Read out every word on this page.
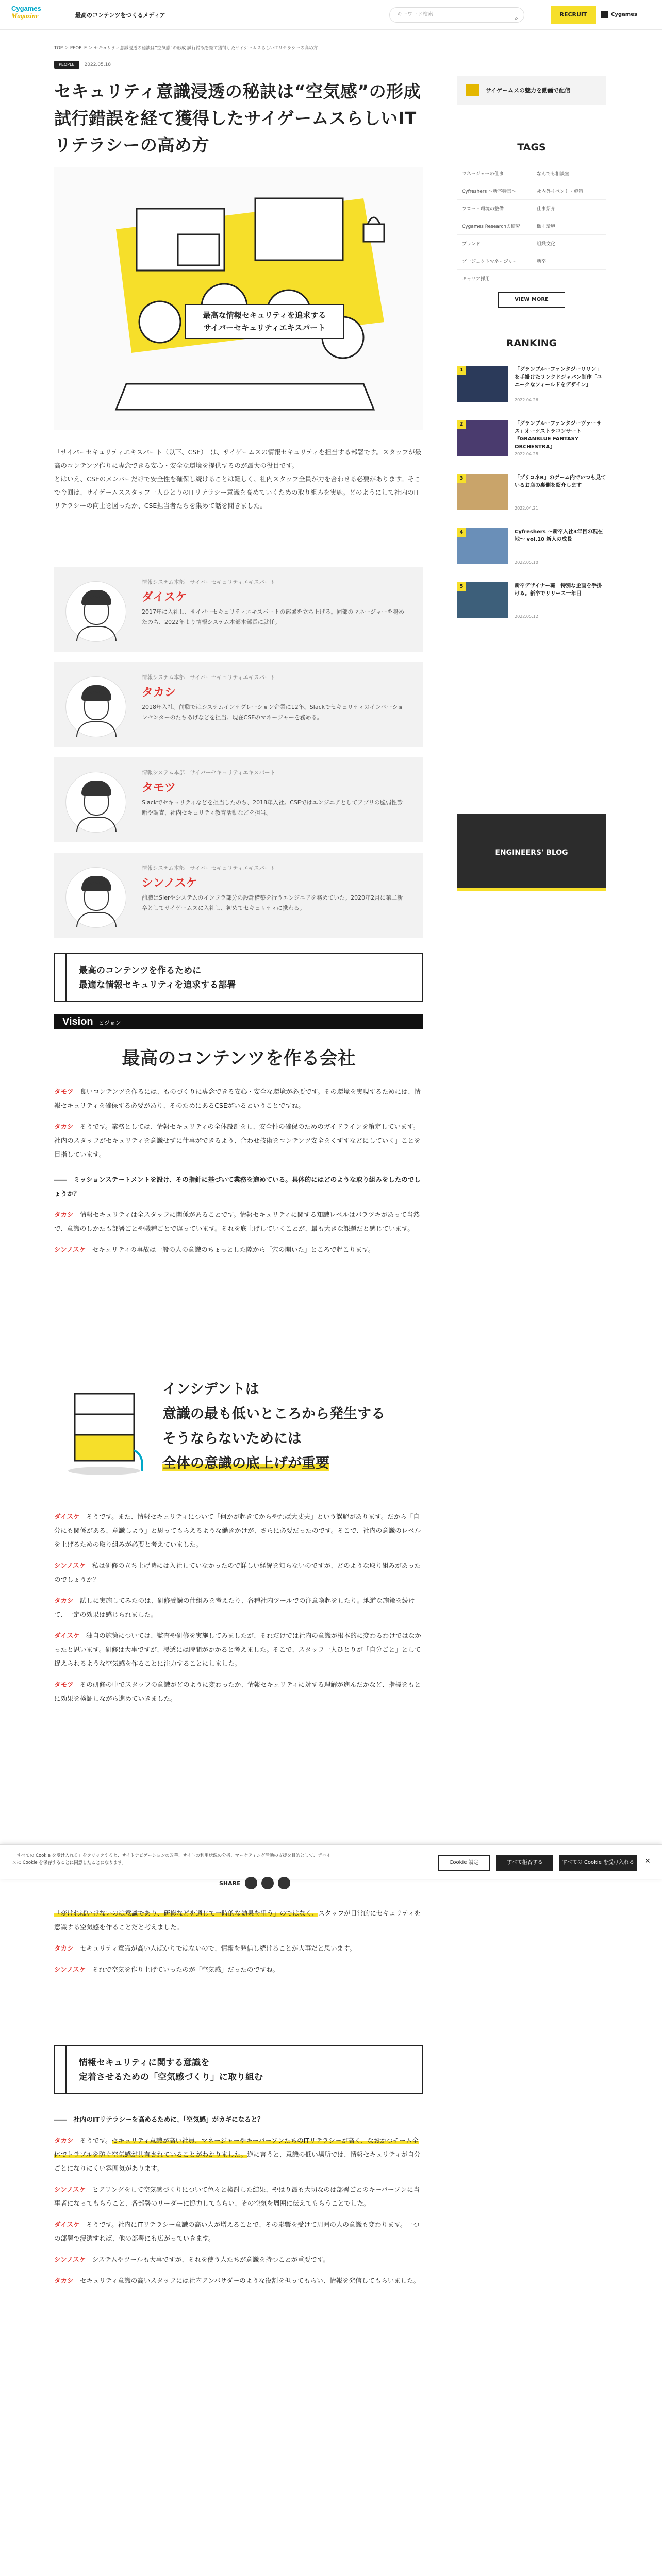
Cygames
Magazine	最高のコンテンツをつくるメディア	キーワード検索	⌕	RECRUIT	Cygames
TOP ＞ PEOPLE ＞ セキュリティ意識浸透の秘訣は“空気感”の形成 試行錯誤を経て獲得したサイゲームスらしいITリテラシーの高め方
PEOPLE	2022.05.18
セキュリティ意識浸透の秘訣は“空気感”の形成　試行錯誤を経て獲得したサイゲームスらしいITリテラシーの高め方
最高な情報セキュリティを追求する
サイバーセキュリティエキスパート
「サイバーセキュリティエキスパート（以下、CSE）」は、サイゲームスの情報セキュリティを担当する部署です。スタッフが最高のコンテンツ作りに専念できる安心・安全な環境を提供するのが最大の役目です。
とはいえ、CSEのメンバーだけで安全性を確保し続けることは難しく、社内スタッフ全員が力を合わせる必要があります。そこで今回は、サイゲームススタッフ一人ひとりのITリテラシー意識を高めていくための取り組みを実施。どのようにして社内のITリテラシーの向上を図ったか、CSE担当者たちを集めて話を聞きました。
情報システム本部　サイバーセキュリティエキスパート
ダイスケ
2017年に入社し、サイバーセキュリティエキスパートの部署を立ち上げる。同部のマネージャーを務めたのち、2022年より情報システム本部本部長に就任。
情報システム本部　サイバーセキュリティエキスパート
タカシ
2018年入社。前職ではシステムインテグレーション企業に12年。Slackでセキュリティのインベーションセンターのたちあげなどを担当。現在CSEのマネージャーを務める。
情報システム本部　サイバーセキュリティエキスパート
タモツ
Slackでセキュリティなどを担当したのち、2018年入社。CSEではエンジニアとしてアプリの脆弱性診断や調査、社内セキュリティ教育活動などを担当。
情報システム本部　サイバーセキュリティエキスパート
シンノスケ
前職はSIerやシステムのインフラ部分の設計構築を行うエンジニアを務めていた。2020年2月に第二新卒としてサイゲームスに入社し、初めてセキュリティに携わる。
最高のコンテンツを作るために
最適な情報セキュリティを追求する部署
Vision ビジョン
最高のコンテンツを作る会社

タモツ　 良いコンテンツを作るには、ものづくりに専念できる安心・安全な環境が必要です。その環境を実現するためには、情報セキュリティを確保する必要があり、そのためにあるCSEがいるということですね。

タカシ　 そうです。業務としては、情報セキュリティの全体設計をし、安全性の確保のためのガイドラインを策定しています。社内のスタッフがセキュリティを意識せずに仕事ができるよう、合わせ技術をコンテンツ安全をくずすなどにしていく」ことを目指しています。

――　ミッションステートメントを設け、その指針に基づいて業務を進めている。具体的にはどのような取り組みをしたのでしょうか？

タカシ　 情報セキュリティは全スタッフに関係があることです。情報セキュリティに関する知識レベルはバラツキがあって当然で、意識のしかたも部署ごとや職種ごとで違っています。それを底上げしていくことが、最も大きな課題だと感じています。

シンノスケ　 セキュリティの事故は一般の人の意識のちょっとした隙から「穴の開いた」ところで起こります。

インシデントは
意識の最も低いところから発生する
そうならないためには
全体の意識の底上げが重要

ダイスケ　 そうです。また、情報セキュリティについて「何かが起きてからやれば大丈夫」という誤解があります。だから「自分にも関係がある、意識しよう」と思ってもらえるような働きかけが、さらに必要だったのです。そこで、社内の意識のレベルを上げるための取り組みが必要と考えていました。

シンノスケ　 私は研修の立ち上げ時には入社していなかったので詳しい経緯を知らないのですが、どのような取り組みがあったのでしょうか？

タカシ　 試しに実施してみたのは、研修受講の仕組みを考えたり、各種社内ツールでの注意喚起をしたり。地道な施策を続けて、一定の効果は感じられました。

ダイスケ　 独自の施策については、監査や研修を実施してみましたが、それだけでは社内の意識が根本的に変わるわけではなかったと思います。研修は大事ですが、浸透には時間がかかると考えました。そこで、スタッフ一人ひとりが「自分ごと」として捉えられるような空気感を作ることに注力することにしました。

タモツ　 その研修の中でスタッフの意識がどのように変わったか、情報セキュリティに対する理解が進んだかなど、指標をもとに効果を検証しながら進めていきました。

「すべての Cookie を受け入れる」をクリックすると、サイトナビゲーションの改善、サイトの利用状況の分析、マーケティング活動の支援を目的として、デバイスに Cookie を保存することに同意したことになります。	Cookie 設定	すべて拒否する	すべての Cookie を受け入れる	✕
SHARE

「変ければいけないのは意識であり、研修などを通じて一時的な効果を狙う」のではなく、スタッフが日常的にセキュリティを意識する空気感を作ることだと考えました。

タカシ　 セキュリティ意識が高い人ばかりではないので、情報を発信し続けることが大事だと思います。

シンノスケ　 それで空気を作り上げていったのが「空気感」だったのですね。

情報セキュリティに関する意識を
定着させるための「空気感づくり」に取り組む

――　社内のITリテラシーを高めるために、「空気感」がカギになると？

タカシ　 そうです。セキュリティ意識が高い社員、マネージャーやキーパーソンたちのITリテラシーが高く、なおかつチーム全体でトラブルを防ぐ空気感が共有されていることがわかりました。逆に言うと、意識の低い場所では、情報セキュリティが自分ごとになりにくい雰囲気があります。

シンノスケ　 ヒアリングをして空気感づくりについて色々と検討した結果、やはり最も大切なのは部署ごとのキーパーソンに当事者になってもらうこと、各部署のリーダーに協力してもらい、その空気を周囲に伝えてもらうことでした。

ダイスケ　 そうです。社内にITリテラシー意識の高い人が増えることで、その影響を受けて周囲の人の意識も変わります。一つの部署で浸透すれば、他の部署にも広がっていきます。

シンノスケ　 システムやツールも大事ですが、それを使う人たちが意識を持つことが重要です。

タカシ　 セキュリティ意識の高いスタッフには社内アンバサダーのような役割を担ってもらい、情報を発信してもらいました。

サイゲームスの魅力を動画で配信
TAGS
マネージャーの仕事	なんでも相談室
Cyfreshers ～新卒特集～	社内外イベント・施策
フロー・環境の整備	仕事紹介
Cygames Researchの研究	働く環境
ブランド	組織文化
プロジェクトマネージャー	新卒
キャリア採用
VIEW MORE
RANKING
1	「グランブルーファンタジーリリン」を手掛けたリンクドジャパン制作「ユニークなフィールドをデザイン」
2022.04.26
2	「グランブルーファンタジーヴァーサス」オーケストラコンサート『GRANBLUE FANTASY ORCHESTRA』
2022.04.28
3	「プリコネR」のゲーム内でいつも見ているお店の裏側を紹介します
2022.04.21
4	Cyfreshers ～新卒入社3年目の現在地～ vol.10 新人の成長
2022.05.10
5	新卒デザイナー職　特別な企画を手掛ける。新卒でリリース一年目
2022.05.12
ENGINEERS' BLOG
